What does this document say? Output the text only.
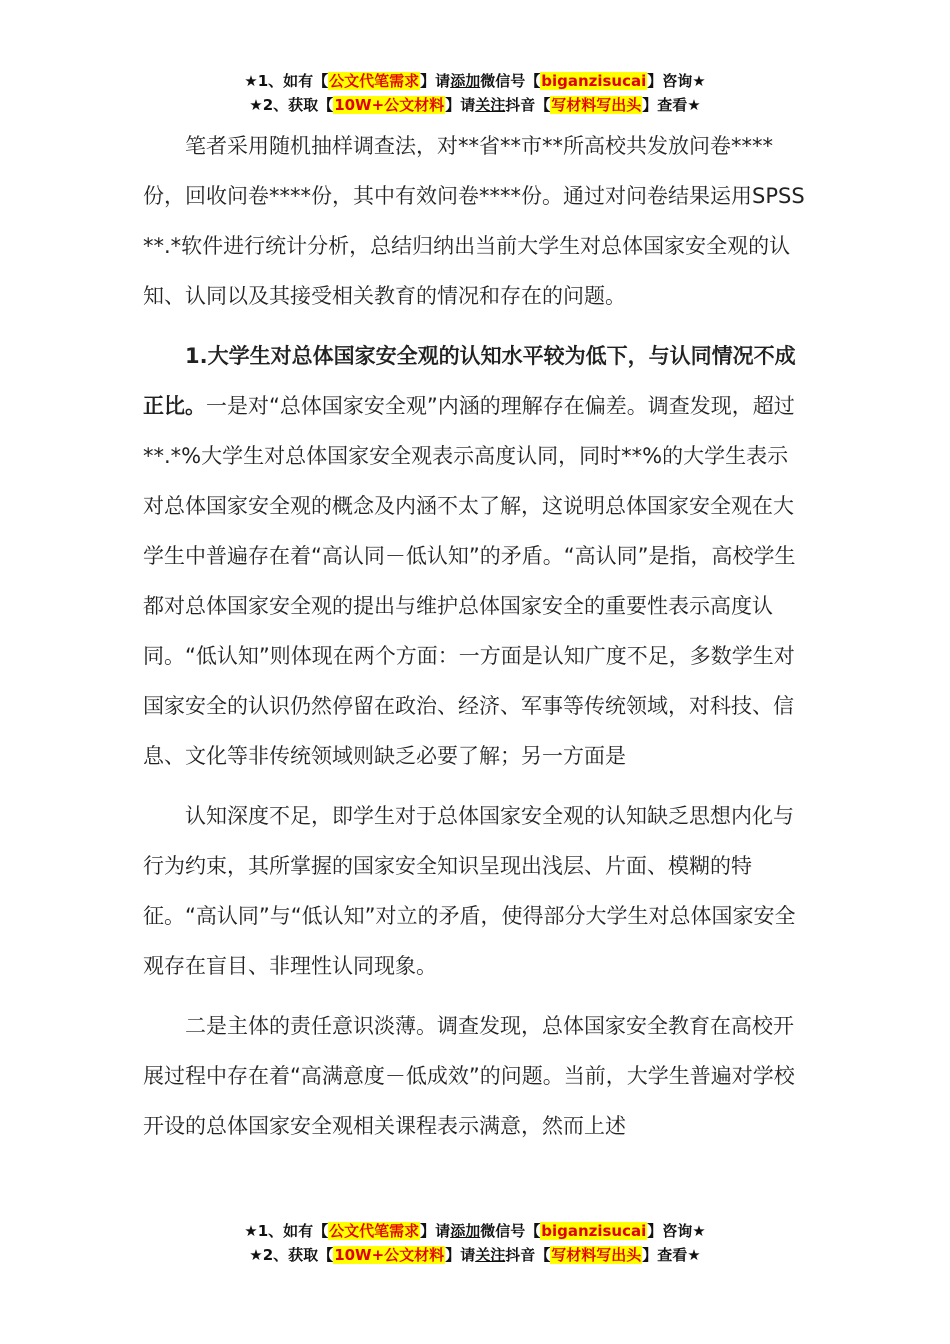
★1、如有【公文代笔需求】请添加微信号【biganzisucai】咨询★
★2、获取【10W+公文材料】请关注抖音【写材料写出头】查看★

笔者采用随机抽样调查法，对**省**市**所高校共发放问卷****份，回收问卷****份，其中有效问卷****份。通过对问卷结果运用SPSS**.*软件进行统计分析，总结归纳出当前大学生对总体国家安全观的认知、认同以及其接受相关教育的情况和存在的问题。

1.大学生对总体国家安全观的认知水平较为低下，与认同情况不成正比。一是对“总体国家安全观”内涵的理解存在偏差。调查发现，超过**.*%大学生对总体国家安全观表示高度认同，同时**%的大学生表示对总体国家安全观的概念及内涵不太了解，这说明总体国家安全观在大学生中普遍存在着“高认同－低认知”的矛盾。“高认同”是指，高校学生都对总体国家安全观的提出与维护总体国家安全的重要性表示高度认同。“低认知”则体现在两个方面：一方面是认知广度不足，多数学生对国家安全的认识仍然停留在政治、经济、军事等传统领域，对科技、信息、文化等非传统领域则缺乏必要了解；另一方面是

认知深度不足，即学生对于总体国家安全观的认知缺乏思想内化与行为约束，其所掌握的国家安全知识呈现出浅层、片面、模糊的特征。“高认同”与“低认知”对立的矛盾，使得部分大学生对总体国家安全观存在盲目、非理性认同现象。

二是主体的责任意识淡薄。调查发现，总体国家安全教育在高校开展过程中存在着“高满意度－低成效”的问题。当前，大学生普遍对学校开设的总体国家安全观相关课程表示满意，然而上述

★1、如有【公文代笔需求】请添加微信号【biganzisucai】咨询★
★2、获取【10W+公文材料】请关注抖音【写材料写出头】查看★
